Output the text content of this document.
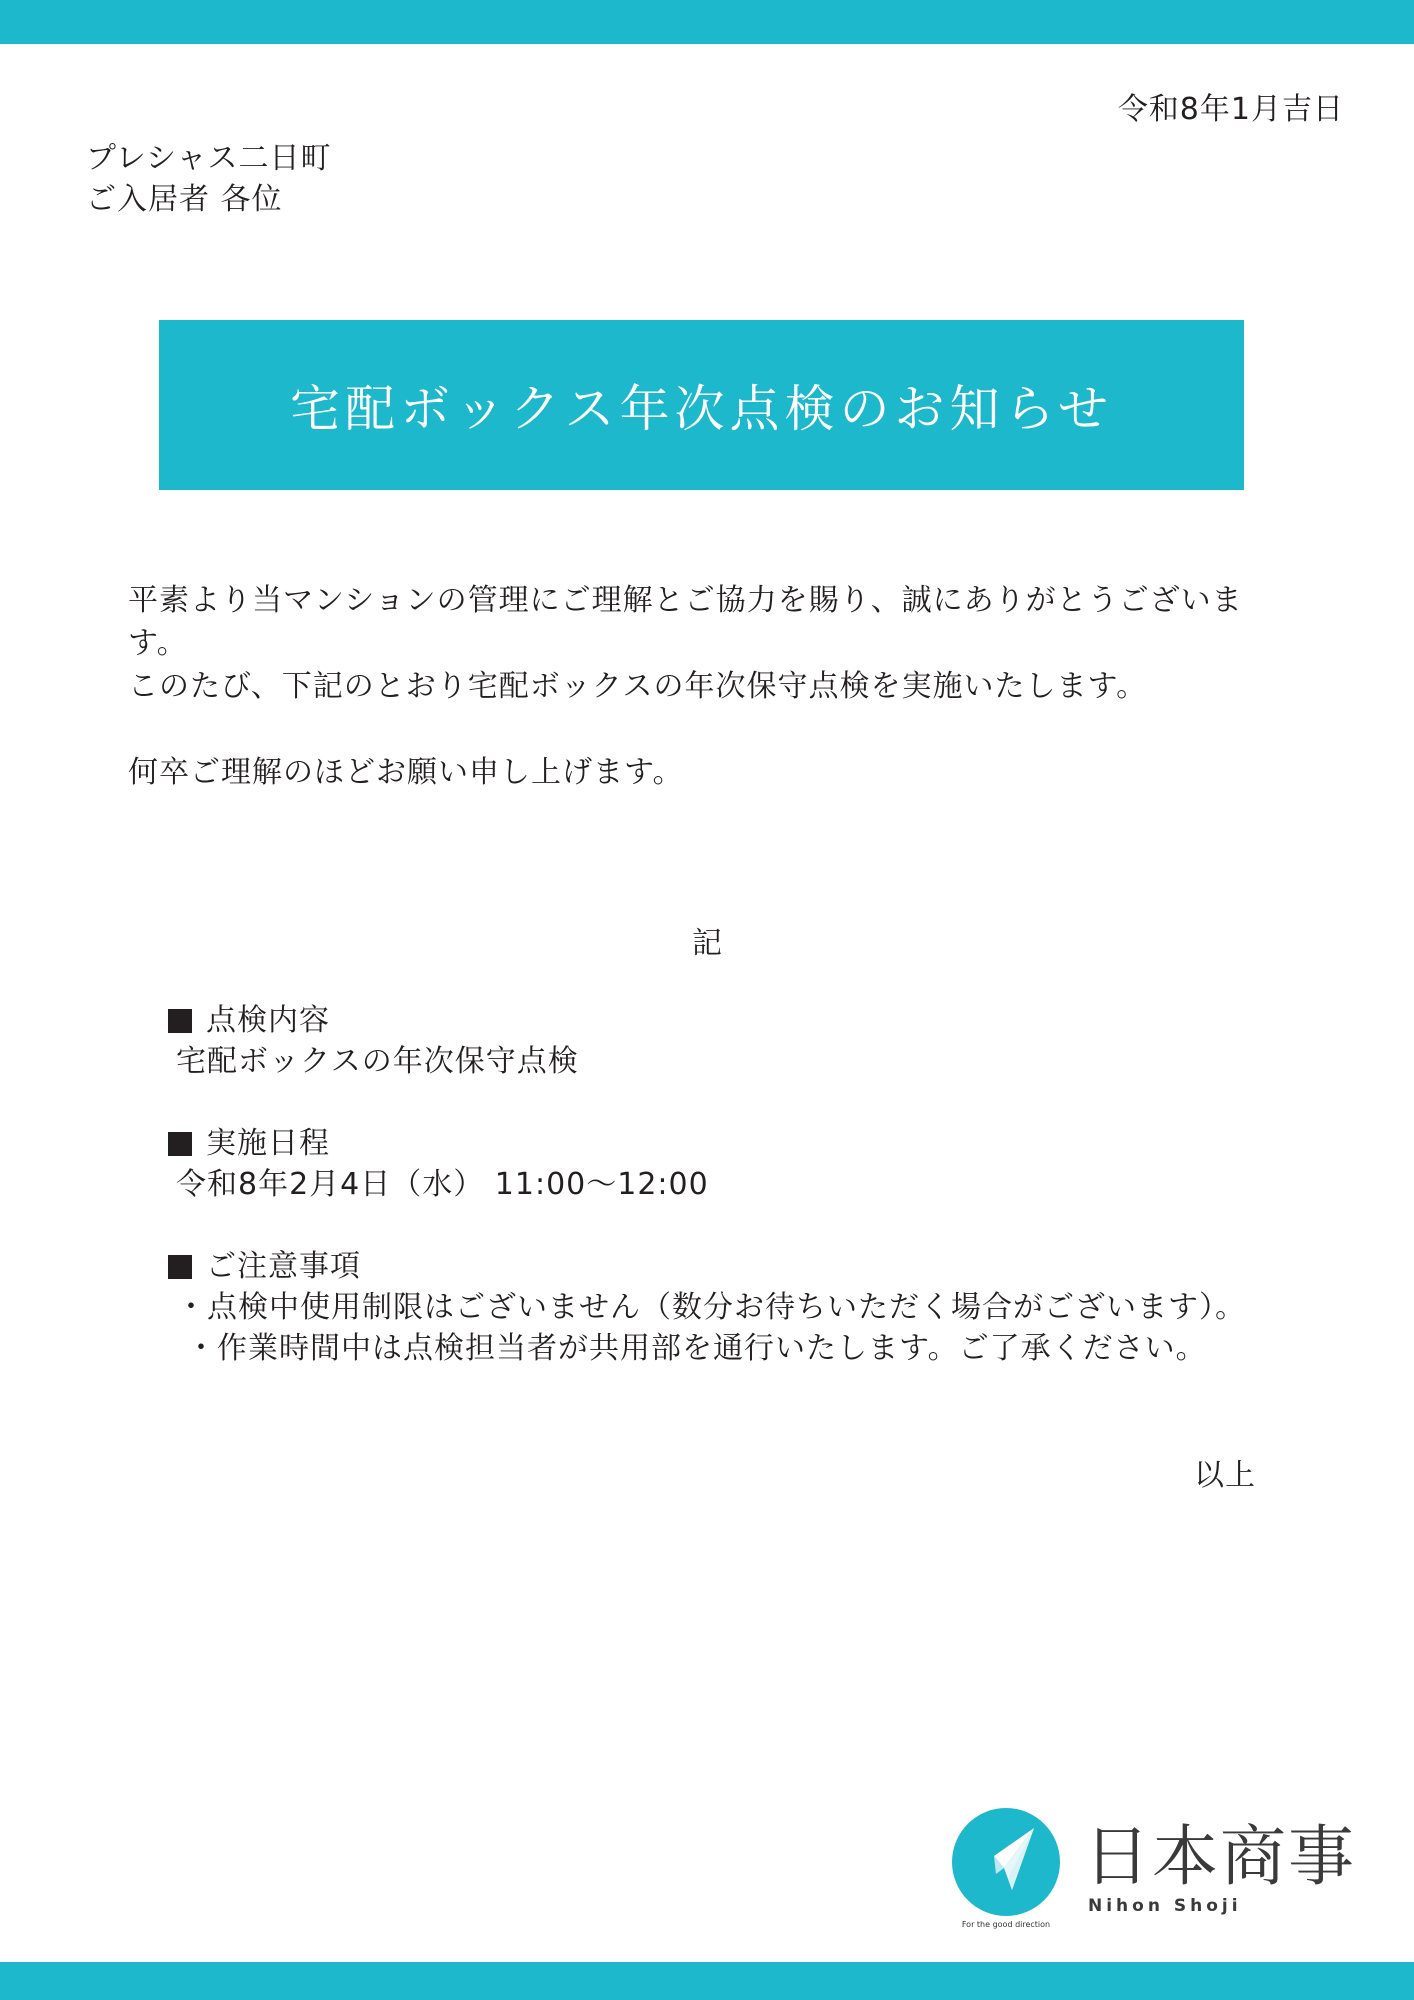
令和8年1月吉日
プレシャス二日町
ご入居者 各位
宅配ボックス年次点検のお知らせ
平素より当マンションの管理にご理解とご協力を賜り、誠にありがとうございま
す。
このたび、下記のとおり宅配ボックスの年次保守点検を実施いたします。
何卒ご理解のほどお願い申し上げます。
記
点検内容
宅配ボックスの年次保守点検
実施日程
令和8年2月4日（水） 11:00〜12:00
ご注意事項
・点検中使用制限はございません（数分お待ちいただく場合がございます）。
・作業時間中は点検担当者が共用部を通行いたします。ご了承ください。
以上
For the good direction
日本商事
Nihon Shoji
